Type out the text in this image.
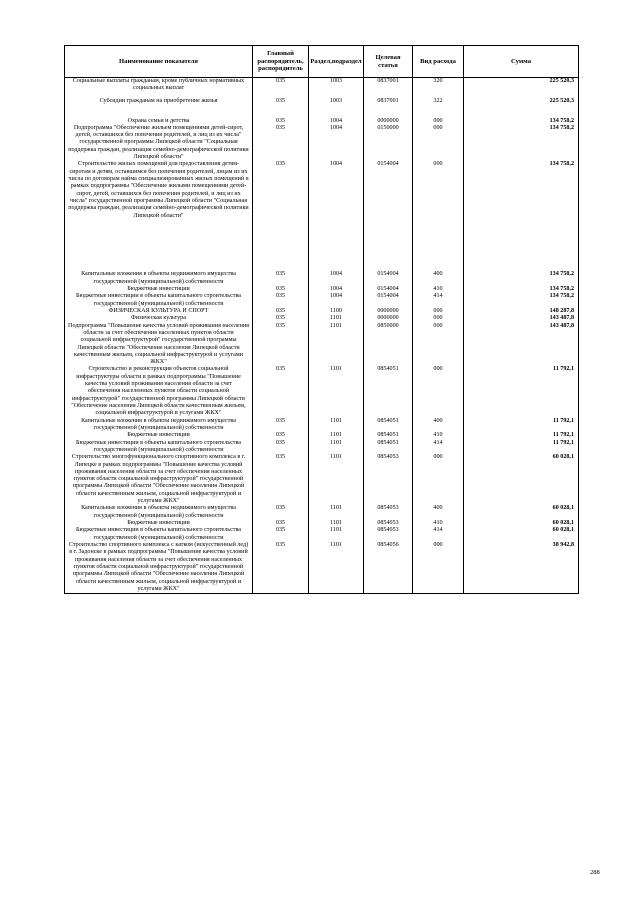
Наименование показателя	Главный распорядитель, распорядитель	Раздел,подраздел	Целевая статья	Вид расхода	Сумма
Социальные выплаты гражданам, кроме публичных нормативных социальных выплат	035	1003	0837001	320	225 520,3
Субсидии гражданам на приобретение жилья	035	1003	0837001	322	225 520,3
Охрана семьи и детства	035	1004	0000000	000	134 758,2
Подпрограмма "Обеспечение жильем помещениями детей-сирот, детей, оставшихся без попечения родителей, и лиц из их числа" государственной программы Липецкой области "Социальная поддержка граждан, реализация семейно-демографической политики Липецкой области"	035	1004	0150000	000	134 758,2
Строительство жилых помещений для предоставления детям-сиротам и детям, оставшимся без попечения родителей, лицам из их числа по договорам найма специализированных жилых помещений в рамках подпрограммы "Обеспечение жилыми помещениями детей-сирот, детей, оставшихся без попечения родителей, и лиц из их числа" государственной программы Липецкой области "Социальная поддержка граждан, реализация семейно-демографической политики Липецкой области"	035	1004	0154004	000	134 758,2
Капитальные вложения в объекты недвижимого имущества государственной (муниципальной) собственности	035	1004	0154004	400	134 758,2
Бюджетные инвестиции	035	1004	0154004	410	134 758,2
Бюджетные инвестиции в объекты капитального строительства государственной (муниципальной) собственности	035	1004	0154004	414	134 758,2
ФИЗИЧЕСКАЯ КУЛЬТУРА И СПОРТ	035	1100	0000000	000	148 287,8
Физическая культура	035	1101	0000000	000	143 487,8
Подпрограмма "Повышение качества условий проживания населения области за счет обеспечения населенных пунктов области социальной инфраструктурой" государственной программы Липецкой области "Обеспечение населения Липецкой области качественным жильем, социальной инфраструктурой и услугами ЖКХ"	035	1101	0850000	000	143 487,8
Строительство и реконструкция объектов социальной инфраструктуры области в рамках подпрограммы "Повышение качества условий проживания населения области за счет обеспечения населенных пунктов области социальной инфраструктурой" государственной программы Липецкой области "Обеспечение населения Липецкой области качественным жильем, социальной инфраструктурой и услугами ЖКХ"	035	1101	0854051	000	11 792,1
Капитальные вложения в объекты недвижимого имущества государственной (муниципальной) собственности	035	1101	0854051	400	11 792,1
Бюджетные инвестиции	035	1101	0854051	410	11 792,1
Бюджетные инвестиции в объекты капитального строительства государственной (муниципальной) собственности	035	1101	0854051	414	11 792,1
Строительство многофункционального спортивного комплекса в г. Липецке в рамках подпрограммы "Повышение качества условий проживания населения области за счет обеспечения населенных пунктов области социальной инфраструктурой" государственной программы Липецкой области "Обеспечение населения Липецкой области качественным жильем, социальной инфраструктурой и услугами ЖКХ"	035	1101	0854053	000	60 028,1
Капитальные вложения в объекты недвижимого имущества государственной (муниципальной) собственности	035	1101	0854053	400	60 028,1
Бюджетные инвестиции	035	1101	0854053	410	60 028,1
Бюджетные инвестиции в объекты капитального строительства государственной (муниципальной) собственности	035	1101	0854053	414	60 028,1
Строительство спортивного комплекса с катком (искусственный лед) в г. Задонске в рамках подпрограммы "Повышение качества условий проживания населения области за счет обеспечения населенных пунктов области социальной инфраструктурой" государственной программы Липецкой области "Обеспечение населения Липецкой области качественным жильем, социальной инфраструктурой и услугами ЖКХ"	035	1101	0854056	000	38 942,8
288
